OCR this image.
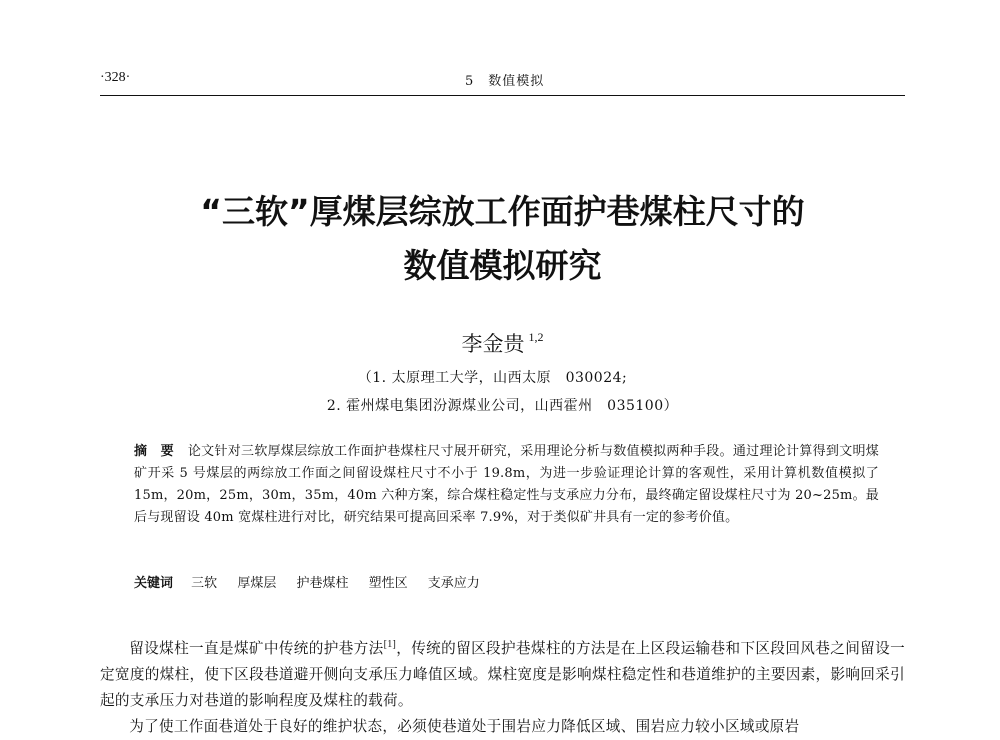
·328·	5　数值模拟
“三软”厚煤层综放工作面护巷煤柱尺寸的
数值模拟研究
李金贵 $^{1,2}$
（1. 太原理工大学，山西太原　030024;
2. 霍州煤电集团汾源煤业公司，山西霍州　035100）
摘　要 论文针对三软厚煤层综放工作面护巷煤柱尺寸展开研究，采用理论分析与数值模拟两种手段。通过理论计算得到文明煤矿开采 5 号煤层的两综放工作面之间留设煤柱尺寸不小于 19.8m，为进一步验证理论计算的客观性，采用计算机数值模拟了 15m，20m，25m，30m，35m，40m 六种方案，综合煤柱稳定性与支承应力分布，最终确定留设煤柱尺寸为 20~25m。最后与现留设 40m 宽煤柱进行对比，研究结果可提高回采率 7.9%，对于类似矿井具有一定的参考价值。
关键词 三软 厚煤层 护巷煤柱 塑性区 支承应力

留设煤柱一直是煤矿中传统的护巷方法[1]，传统的留区段护巷煤柱的方法是在上区段运输巷和下区段回风巷之间留设一定宽度的煤柱，使下区段巷道避开侧向支承压力峰值区域。煤柱宽度是影响煤柱稳定性和巷道维护的主要因素，影响回采引起的支承压力对巷道的影响程度及煤柱的载荷。

为了使工作面巷道处于良好的维护状态，必须使巷道处于围岩应力降低区域、围岩应力较小区域或原岩
